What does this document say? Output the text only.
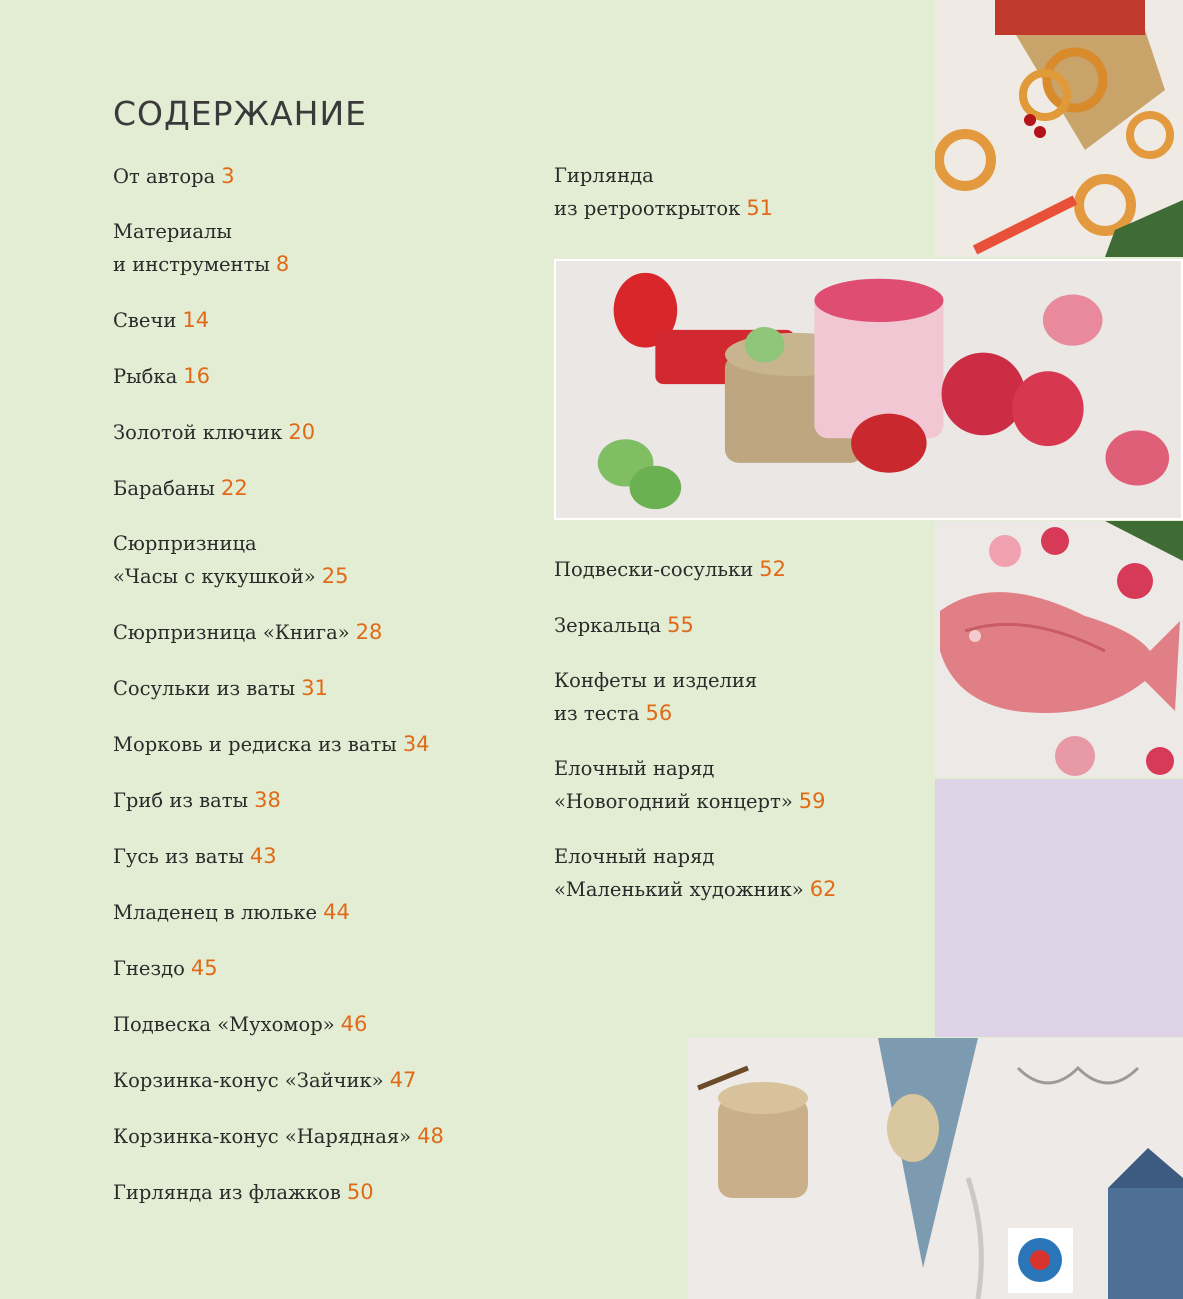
СОДЕРЖАНИЕ

От автора 3

Материалы
и инструменты 8

Свечи 14

Рыбка 16

Золотой ключик 20

Барабаны 22

Сюрпризница
«Часы с кукушкой» 25

Сюрпризница «Книга» 28

Сосульки из ваты 31

Морковь и редиска из ваты 34

Гриб из ваты 38

Гусь из ваты 43

Младенец в люльке 44

Гнездо 45

Подвеска «Мухомор» 46

Корзинка-конус «Зайчик» 47

Корзинка-конус «Нарядная» 48

Гирлянда из флажков 50

Гирлянда
из ретрооткрыток 51

Подвески-сосульки 52

Зеркальца 55

Конфеты и изделия
из теста 56

Елочный наряд
«Новогодний концерт» 59

Елочный наряд
«Маленький художник» 62
